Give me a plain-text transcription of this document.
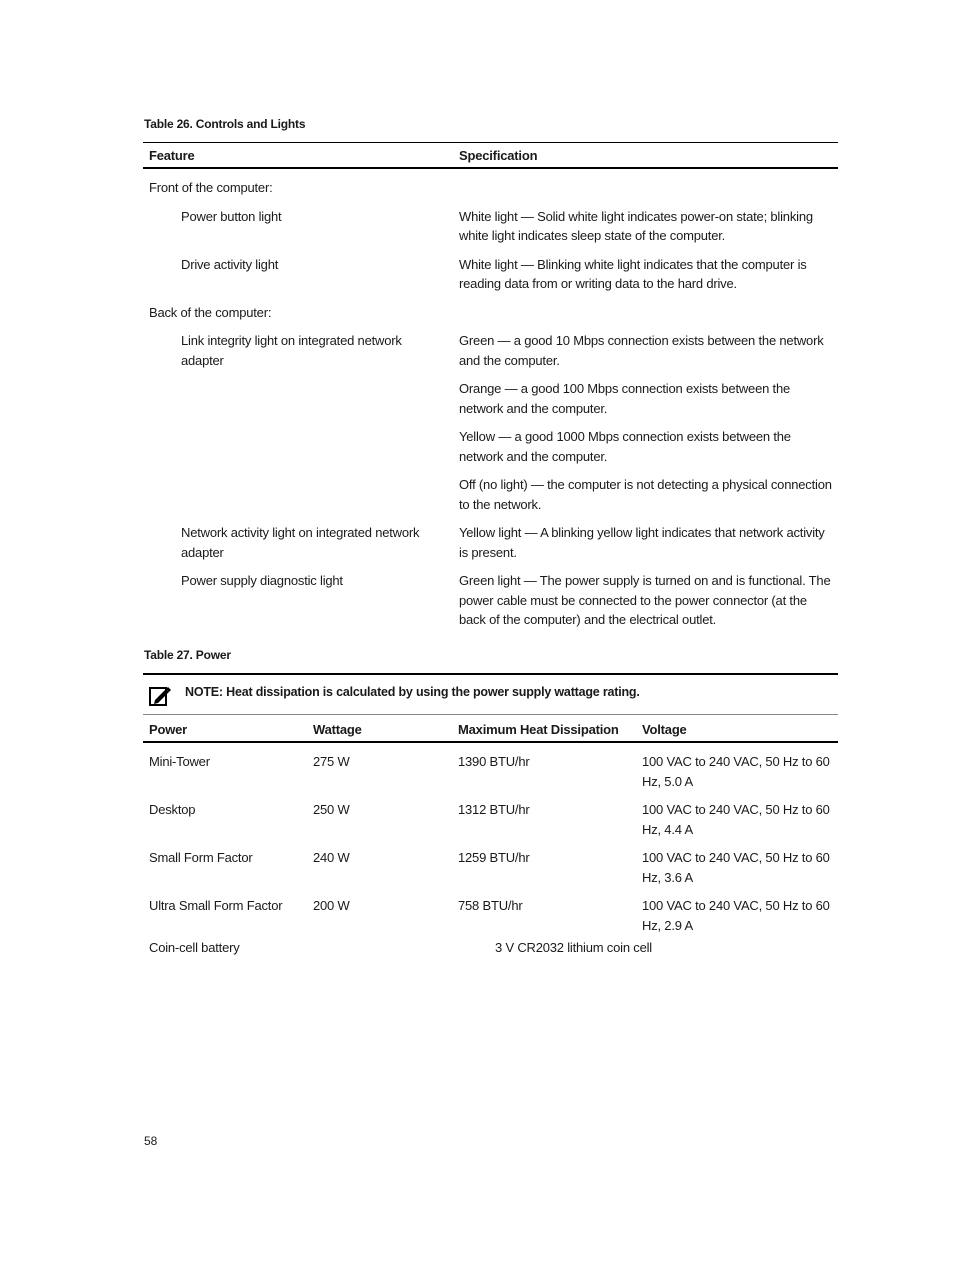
Table 26. Controls and Lights
Feature	Specification

Front of the computer:	

Power button light	White light — Solid white light indicates power-on state; blinking white light indicates sleep state of the computer.

Drive activity light	White light — Blinking white light indicates that the computer is reading data from or writing data to the hard drive.

Back of the computer:	

Link integrity light on integrated network adapter	Green — a good 10 Mbps connection exists between the network and the computer.

	Orange — a good 100 Mbps connection exists between the network and the computer.

	Yellow — a good 1000 Mbps connection exists between the network and the computer.

	Off (no light) — the computer is not detecting a physical connection to the network.

Network activity light on integrated network adapter	Yellow light — A blinking yellow light indicates that network activity is present.

Power supply diagnostic light	Green light — The power supply is turned on and is functional. The power cable must be connected to the power connector (at the back of the computer) and the electrical outlet.
Table 27. Power
NOTE: Heat dissipation is calculated by using the power supply wattage rating.
Power	Wattage	Maximum Heat Dissipation	Voltage

Mini-Tower	275 W	1390 BTU/hr	100 VAC to 240 VAC, 50 Hz to 60 Hz, 5.0 A

Desktop	250 W	1312 BTU/hr	100 VAC to 240 VAC, 50 Hz to 60 Hz, 4.4 A

Small Form Factor	240 W	1259 BTU/hr	100 VAC to 240 VAC, 50 Hz to 60 Hz, 3.6 A

Ultra Small Form Factor	200 W	758 BTU/hr	100 VAC to 240 VAC, 50 Hz to 60 Hz, 2.9 A
Coin-cell battery	3 V CR2032 lithium coin cell
58
